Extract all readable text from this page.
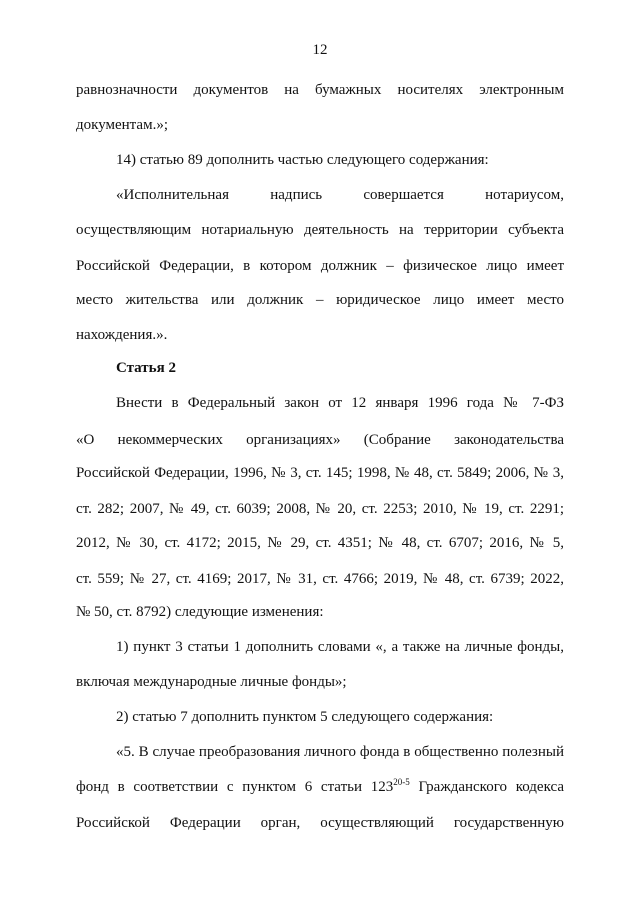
12
равнозначности документов на бумажных носителях электронным
документам.»;
14) статью 89 дополнить частью следующего содержания:
«Исполнительная надпись совершается нотариусом,
осуществляющим нотариальную деятельность на территории субъекта
Российской Федерации, в котором должник – физическое лицо имеет
место жительства или должник – юридическое лицо имеет место
нахождения.».
Статья 2
Внести в Федеральный закон от 12 января 1996 года № 7-ФЗ
«О некоммерческих организациях» (Собрание законодательства
Российской Федерации, 1996, № 3, ст. 145; 1998, № 48, ст. 5849; 2006, № 3,
ст. 282; 2007, № 49, ст. 6039; 2008, № 20, ст. 2253; 2010, № 19, ст. 2291;
2012, № 30, ст. 4172; 2015, № 29, ст. 4351; № 48, ст. 6707; 2016, № 5,
ст. 559; № 27, ст. 4169; 2017, № 31, ст. 4766; 2019, № 48, ст. 6739; 2022,
№ 50, ст. 8792) следующие изменения:
1) пункт 3 статьи 1 дополнить словами «, а также на личные фонды,
включая международные личные фонды»;
2) статью 7 дополнить пунктом 5 следующего содержания:
«5. В случае преобразования личного фонда в общественно полезный
фонд в соответствии с пунктом 6 статьи 123$^{20-5}$ Гражданского кодекса
Российской Федерации орган, осуществляющий государственную
